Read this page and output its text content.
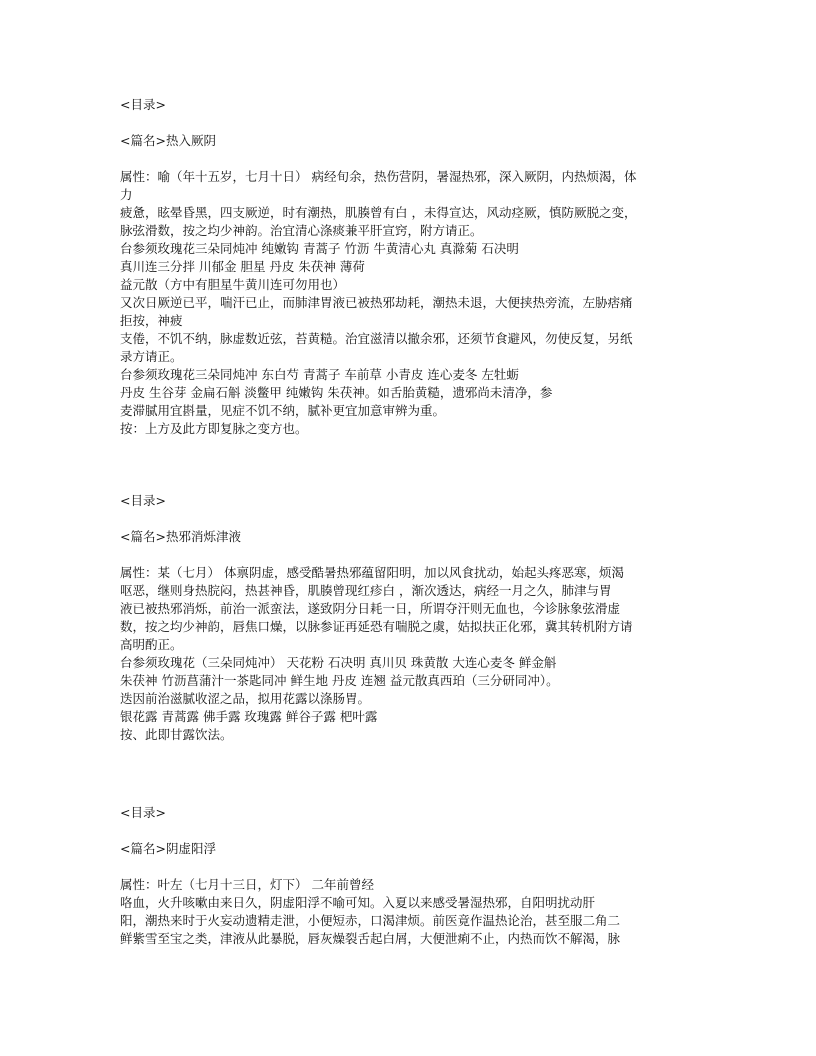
<目录>
<篇名>热入厥阴
属性：喻（年十五岁，七月十日） 病经旬余，热伤营阴，暑湿热邪，深入厥阴，内热烦渴，体
力
疲惫，眩晕昏黑，四支厥逆，时有潮热，肌腠曾有白 ，未得宣达，风动痉厥，慎防厥脱之变，
脉弦滑数，按之均少神韵。治宜清心涤痰兼平肝宣窍，附方请正。
台参须玫瑰花三朵同炖冲 纯嫩钩 青蒿子 竹沥 牛黄清心丸 真滁菊 石决明
真川连三分拌 川郁金 胆星 丹皮 朱茯神 薄荷
益元散（方中有胆星牛黄川连可勿用也）
又次日厥逆已平，喘汗已止，而肺津胃液已被热邪劫耗，潮热未退，大便挟热旁流，左胁痞痛
拒按，神疲
支倦，不饥不纳，脉虚数近弦，苔黄糙。治宜滋清以撤余邪，还须节食避风，勿使反复，另纸
录方请正。
台参须玫瑰花三朵同炖冲 东白芍 青蒿子 车前草 小青皮 连心麦冬 左牡蛎
丹皮 生谷芽 金扁石斛 淡鳖甲 纯嫩钩 朱茯神。如舌胎黄糙，遗邪尚未清净，参
麦滞腻用宜斟量，见症不饥不纳，腻补更宜加意审辨为重。
按：上方及此方即复脉之变方也。
<目录>
<篇名>热邪消烁津液
属性：某（七月） 体禀阴虚，感受酷暑热邪蕴留阳明，加以风食扰动，始起头疼恶寒，烦渴
呕恶，继则身热脘闷，热甚神昏，肌腠曾现红疹白 ，渐次透达，病经一月之久，肺津与胃
液已被热邪消烁，前治一派蛮法，遂致阴分日耗一日，所谓夺汗则无血也，今诊脉象弦滑虚
数，按之均少神韵，唇焦口燥，以脉参证再延恐有喘脱之虞，姑拟扶正化邪，冀其转机附方请
高明酌正。
台参须玫瑰花（三朵同炖冲） 天花粉 石决明 真川贝 珠黄散 大连心麦冬 鲜金斛
朱茯神 竹沥菖蒲汁一茶匙同冲 鲜生地 丹皮 连翘 益元散真西珀（三分研同冲）。
迭因前治滋腻收涩之品，拟用花露以涤肠胃。
银花露 青蒿露 佛手露 玫瑰露 鲜谷子露 杷叶露
按、此即甘露饮法。
<目录>
<篇名>阴虚阳浮
属性：叶左（七月十三日，灯下） 二年前曾经
咯血，火升咳嗽由来日久，阴虚阳浮不喻可知。入夏以来感受暑湿热邪，自阳明扰动肝
阳，潮热来时于火妄动遗精走泄，小便短赤，口渴津烦。前医竟作温热论治，甚至服二角二
鲜紫雪至宝之类，津液从此暴脱，唇灰燥裂舌起白屑，大便泄痢不止，内热而饮不解渴，脉
